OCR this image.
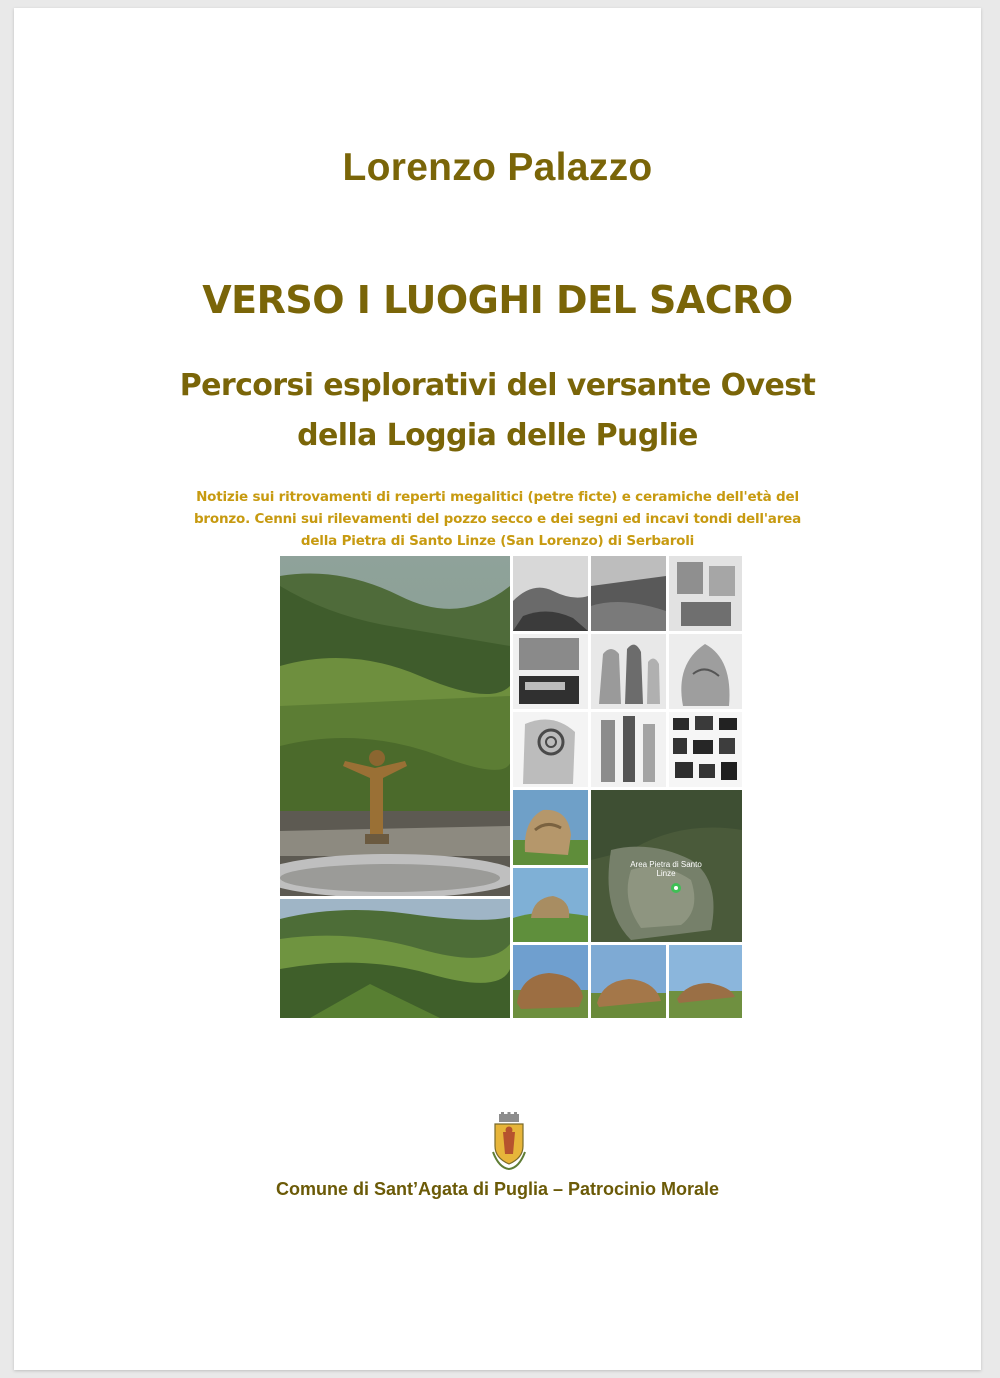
Lorenzo Palazzo
VERSO I LUOGHI DEL SACRO
Percorsi esplorativi del versante Ovest
della Loggia delle Puglie
Notizie sui ritrovamenti di reperti megalitici (petre ficte) e ceramiche dell'età del
bronzo. Cenni sui rilevamenti del pozzo secco e dei segni ed incavi tondi dell'area
della Pietra di Santo Linze (San Lorenzo) di Serbaroli
Area Pietra di Santo Linze
Comune di Sant’Agata di Puglia – Patrocinio Morale
